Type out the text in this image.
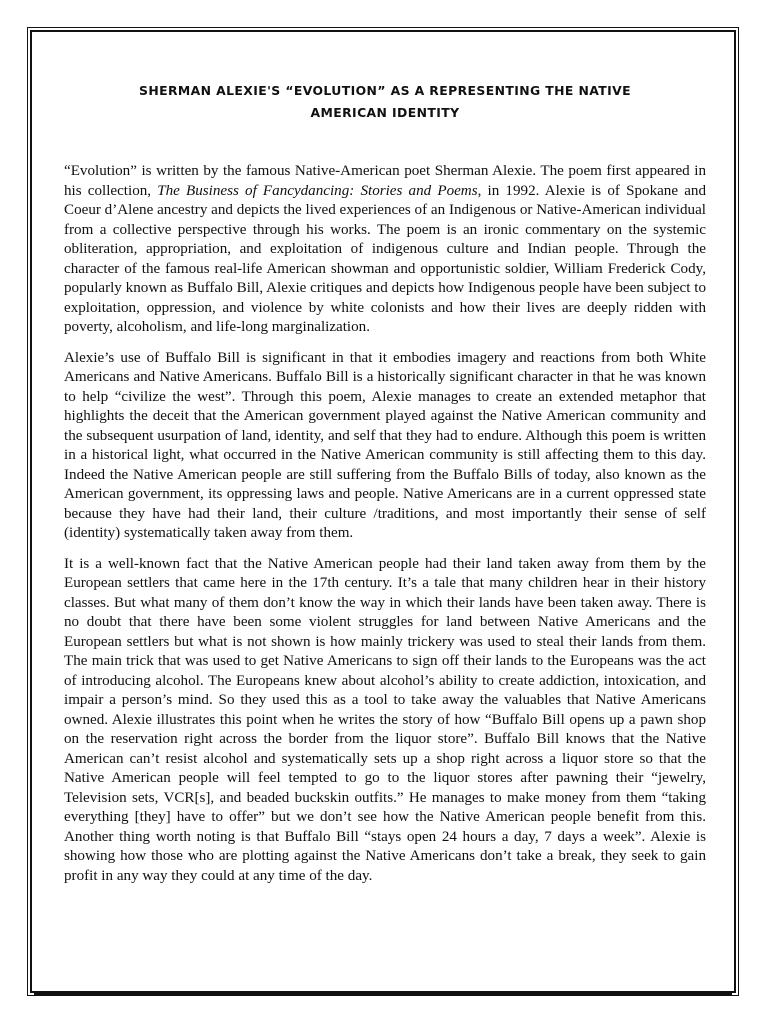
SHERMAN ALEXIE'S “EVOLUTION” AS A REPRESENTING THE NATIVE AMERICAN IDENTITY

“Evolution” is written by the famous Native-American poet Sherman Alexie. The poem first appeared in his collection, The Business of Fancydancing: Stories and Poems, in 1992. Alexie is of Spokane and Coeur d’Alene ancestry and depicts the lived experiences of an Indigenous or Native-American individual from a collective perspective through his works. The poem is an ironic commentary on the systemic obliteration, appropriation, and exploitation of indigenous culture and Indian people. Through the character of the famous real-life American showman and opportunistic soldier, William Frederick Cody, popularly known as Buffalo Bill, Alexie critiques and depicts how Indigenous people have been subject to exploitation, oppression, and violence by white colonists and how their lives are deeply ridden with poverty, alcoholism, and life-long marginalization.

Alexie’s use of Buffalo Bill is significant in that it embodies imagery and reactions from both White Americans and Native Americans. Buffalo Bill is a historically significant character in that he was known to help “civilize the west”. Through this poem, Alexie manages to create an extended metaphor that highlights the deceit that the American government played against the Native American community and the subsequent usurpation of land, identity, and self that they had to endure. Although this poem is written in a historical light, what occurred in the Native American community is still affecting them to this day. Indeed the Native American people are still suffering from the Buffalo Bills of today, also known as the American government, its oppressing laws and people. Native Americans are in a current oppressed state because they have had their land, their culture /traditions, and most importantly their sense of self (identity) systematically taken away from them.

It is a well-known fact that the Native American people had their land taken away from them by the European settlers that came here in the 17th century. It’s a tale that many children hear in their history classes. But what many of them don’t know the way in which their lands have been taken away. There is no doubt that there have been some violent struggles for land between Native Americans and the European settlers but what is not shown is how mainly trickery was used to steal their lands from them. The main trick that was used to get Native Americans to sign off their lands to the Europeans was the act of introducing alcohol. The Europeans knew about alcohol’s ability to create addiction, intoxication, and impair a person’s mind. So they used this as a tool to take away the valuables that Native Americans owned. Alexie illustrates this point when he writes the story of how “Buffalo Bill opens up a pawn shop on the reservation right across the border from the liquor store”. Buffalo Bill knows that the Native American can’t resist alcohol and systematically sets up a shop right across a liquor store so that the Native American people will feel tempted to go to the liquor stores after pawning their “jewelry, Television sets, VCR[s], and beaded buckskin outfits.” He manages to make money from them “taking everything [they] have to offer” but we don’t see how the Native American people benefit from this. Another thing worth noting is that Buffalo Bill “stays open 24 hours a day, 7 days a week”. Alexie is showing how those who are plotting against the Native Americans don’t take a break, they seek to gain profit in any way they could at any time of the day.
